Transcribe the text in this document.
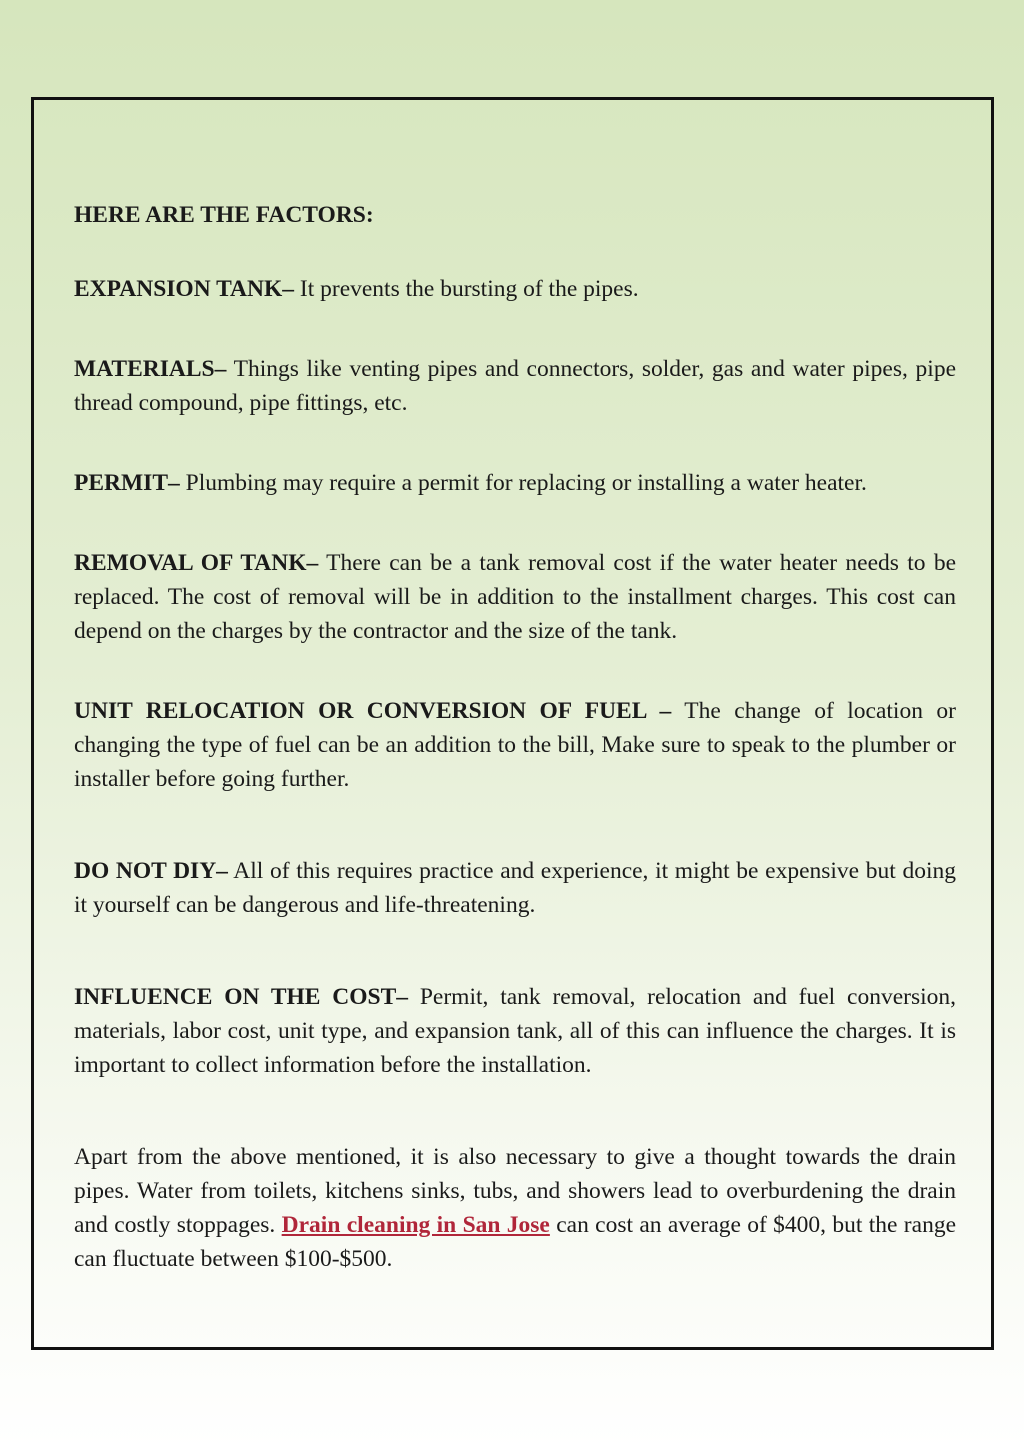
HERE ARE THE FACTORS:

EXPANSION TANK– It prevents the bursting of the pipes.

MATERIALS– Things like venting pipes and connectors, solder, gas and water pipes, pipe thread compound, pipe fittings, etc.

PERMIT– Plumbing may require a permit for replacing or installing a water heater.

REMOVAL OF TANK– There can be a tank removal cost if the water heater needs to be replaced. The cost of removal will be in addition to the installment charges. This cost can depend on the charges by the contractor and the size of the tank.

UNIT RELOCATION OR CONVERSION OF FUEL – The change of location or changing the type of fuel can be an addition to the bill, Make sure to speak to the plumber or installer before going further.

DO NOT DIY– All of this requires practice and experience, it might be expensive but doing it yourself can be dangerous and life-threatening.

INFLUENCE ON THE COST– Permit, tank removal, relocation and fuel conversion, materials, labor cost, unit type, and expansion tank, all of this can influence the charges. It is important to collect information before the installation.

Apart from the above mentioned, it is also necessary to give a thought towards the drain pipes. Water from toilets, kitchens sinks, tubs, and showers lead to overburdening the drain and costly stoppages. Drain cleaning in San Jose can cost an average of $400, but the range can fluctuate between $100-$500.
